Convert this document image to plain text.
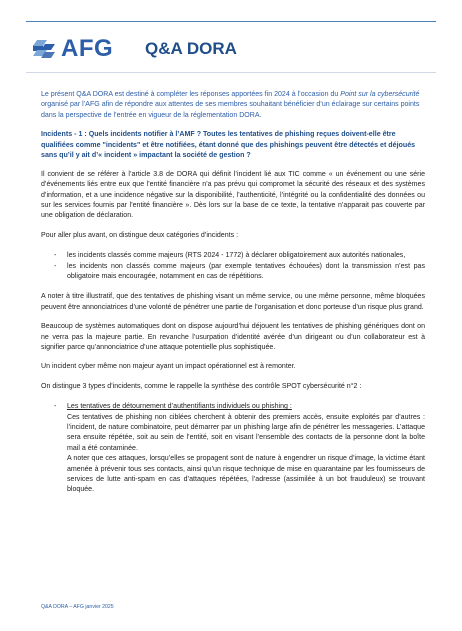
AFG Q&A DORA

Le présent Q&A DORA est destiné à compléter les réponses apportées fin 2024 à l’occasion du Point sur la cybersécurité organisé par l’AFG afin de répondre aux attentes de ses membres souhaitant bénéficier d’un éclairage sur certains points dans la perspective de l’entrée en vigueur de la réglementation DORA.

Incidents - 1 : Quels incidents notifier à l’AMF ? Toutes les tentatives de phishing reçues doivent-elle être qualifiées comme "incidents" et être notifiées, étant donné que des phishings peuvent être détectés et déjoués sans qu’il y ait d’« incident » impactant la société de gestion ?

Il convient de se référer à l’article 3.8 de DORA qui définit l’incident lié aux TIC comme « un événement ou une série d’événements liés entre eux que l’entité financière n’a pas prévu qui compromet la sécurité des réseaux et des systèmes d’information, et a une incidence négative sur la disponibilité, l’authenticité, l’intégrité ou la confidentialité des données ou sur les services fournis par l’entité financière ». Dès lors sur la base de ce texte, la tentative n’apparait pas couverte par une obligation de déclaration.

Pour aller plus avant, on distingue deux catégories d’incidents :

- les incidents classés comme majeurs (RTS 2024 - 1772) à déclarer obligatoirement aux autorités nationales,
- les incidents non classés comme majeurs (par exemple tentatives échouées) dont la transmission n’est pas obligatoire mais encouragée, notamment en cas de répétitions.

A noter à titre illustratif, que des tentatives de phishing visant un même service, ou une même personne, même bloquées peuvent être annonciatrices d’une volonté de pénétrer une partie de l’organisation et donc porteuse d’un risque plus grand.

Beaucoup de systèmes automatiques dont on dispose aujourd’hui déjouent les tentatives de phishing génériques dont on ne verra pas la majeure partie. En revanche l’usurpation d’identité avérée d’un dirigeant ou d’un collaborateur est à signifier parce qu’annonciatrice d’une attaque potentielle plus sophistiquée.

Un incident cyber même non majeur ayant un impact opérationnel est à remonter.

On distingue 3 types d’incidents, comme le rappelle la synthèse des contrôle SPOT cybersécurité n°2 :

- Les tentatives de détournement d’authentifiants individuels ou phishing :

Ces tentatives de phishing non ciblées cherchent à obtenir des premiers accès, ensuite exploités par d’autres : l’incident, de nature combinatoire, peut démarrer par un phishing large afin de pénétrer les messageries. L’attaque sera ensuite répétée, soit au sein de l’entité, soit en visant l’ensemble des contacts de la personne dont la boîte mail a été contaminée.

A noter que ces attaques, lorsqu’elles se propagent sont de nature à engendrer un risque d’image, la victime étant amenée à prévenir tous ses contacts, ainsi qu’un risque technique de mise en quarantaine par les fournisseurs de services de lutte anti-spam en cas d’attaques répétées, l’adresse (assimilée à un bot frauduleux) se trouvant bloquée.

Q&A DORA – AFG janvier 2025
